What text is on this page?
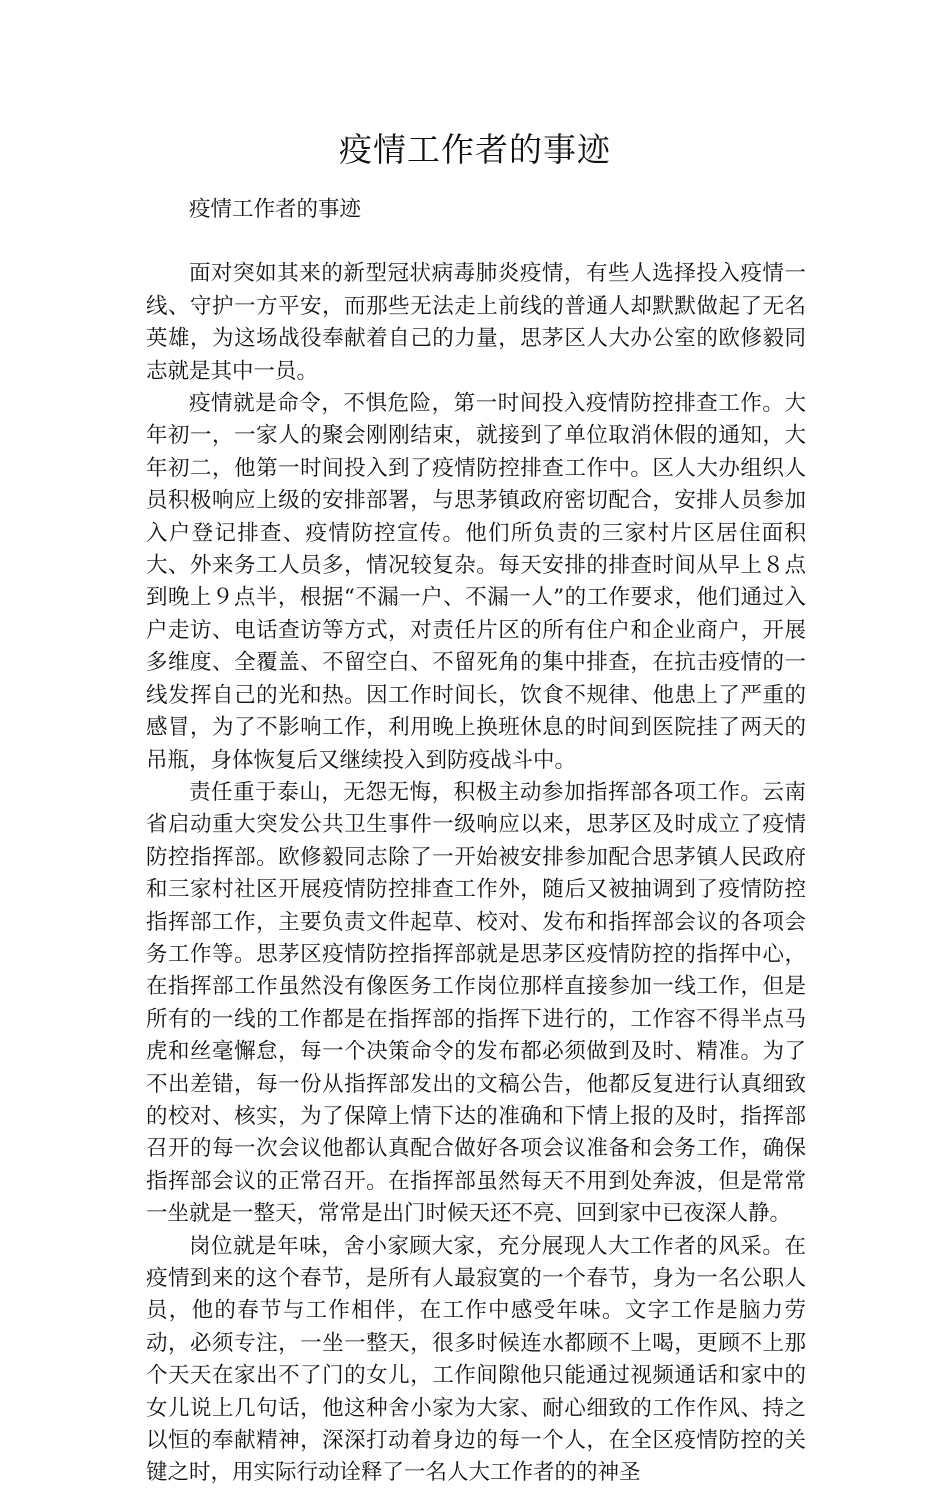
疫情工作者的事迹

疫情工作者的事迹

面对突如其来的新型冠状病毒肺炎疫情，有些人选择投入疫情一线、守护一方平安，而那些无法走上前线的普通人却默默做起了无名英雄，为这场战役奉献着自己的力量，思茅区人大办公室的欧修毅同志就是其中一员。

疫情就是命令，不惧危险，第一时间投入疫情防控排查工作。大年初一，一家人的聚会刚刚结束，就接到了单位取消休假的通知，大年初二，他第一时间投入到了疫情防控排查工作中。区人大办组织人员积极响应上级的安排部署，与思茅镇政府密切配合，安排人员参加入户登记排查、疫情防控宣传。他们所负责的三家村片区居住面积大、外来务工人员多，情况较复杂。每天安排的排查时间从早上８点到晚上９点半，根据“不漏一户、不漏一人”的工作要求，他们通过入户走访、电话查访等方式，对责任片区的所有住户和企业商户，开展多维度、全覆盖、不留空白、不留死角的集中排查，在抗击疫情的一线发挥自己的光和热。因工作时间长，饮食不规律、他患上了严重的感冒，为了不影响工作，利用晚上换班休息的时间到医院挂了两天的吊瓶，身体恢复后又继续投入到防疫战斗中。

责任重于泰山，无怨无悔，积极主动参加指挥部各项工作。云南省启动重大突发公共卫生事件一级响应以来，思茅区及时成立了疫情防控指挥部。欧修毅同志除了一开始被安排参加配合思茅镇人民政府和三家村社区开展疫情防控排查工作外，随后又被抽调到了疫情防控指挥部工作，主要负责文件起草、校对、发布和指挥部会议的各项会务工作等。思茅区疫情防控指挥部就是思茅区疫情防控的指挥中心，在指挥部工作虽然没有像医务工作岗位那样直接参加一线工作，但是所有的一线的工作都是在指挥部的指挥下进行的，工作容不得半点马虎和丝毫懈怠，每一个决策命令的发布都必须做到及时、精准。为了不出差错，每一份从指挥部发出的文稿公告，他都反复进行认真细致的校对、核实，为了保障上情下达的准确和下情上报的及时，指挥部召开的每一次会议他都认真配合做好各项会议准备和会务工作，确保指挥部会议的正常召开。在指挥部虽然每天不用到处奔波，但是常常一坐就是一整天，常常是出门时候天还不亮、回到家中已夜深人静。

岗位就是年味，舍小家顾大家，充分展现人大工作者的风采。在疫情到来的这个春节，是所有人最寂寞的一个春节，身为一名公职人员，他的春节与工作相伴，在工作中感受年味。文字工作是脑力劳动，必须专注，一坐一整天，很多时候连水都顾不上喝，更顾不上那个天天在家出不了门的女儿，工作间隙他只能通过视频通话和家中的女儿说上几句话，他这种舍小家为大家、耐心细致的工作作风、持之以恒的奉献精神，深深打动着身边的每一个人，在全区疫情防控的关键之时，用实际行动诠释了一名人大工作者的的神圣
